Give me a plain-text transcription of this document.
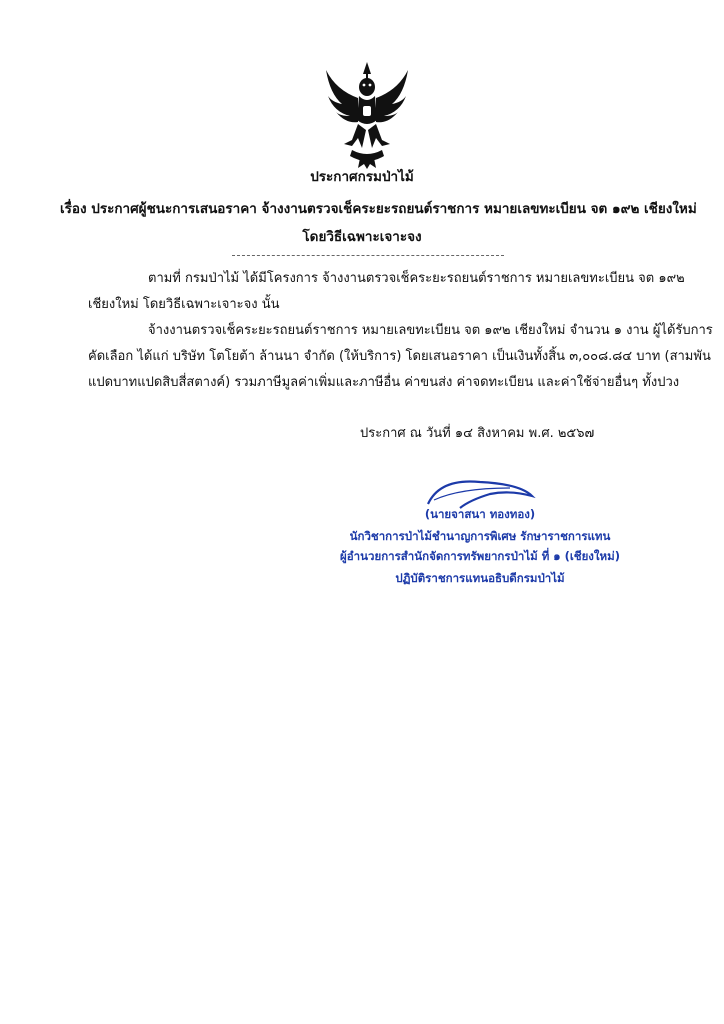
ประกาศกรมป่าไม้
เรื่อง ประกาศผู้ชนะการเสนอราคา จ้างงานตรวจเช็คระยะรถยนต์ราชการ หมายเลขทะเบียน จต ๑๙๒ เชียงใหม่
โดยวิธีเฉพาะเจาะจง
ตามที่ กรมป่าไม้ ได้มีโครงการ จ้างงานตรวจเช็คระยะรถยนต์ราชการ หมายเลขทะเบียน จต ๑๙๒
เชียงใหม่ โดยวิธีเฉพาะเจาะจง นั้น
จ้างงานตรวจเช็คระยะรถยนต์ราชการ หมายเลขทะเบียน จต ๑๙๒ เชียงใหม่ จำนวน ๑ งาน ผู้ได้รับการ
คัดเลือก ได้แก่ บริษัท โตโยต้า ล้านนา จำกัด (ให้บริการ) โดยเสนอราคา เป็นเงินทั้งสิ้น ๓,๐๐๘.๘๔ บาท (สามพัน
แปดบาทแปดสิบสี่สตางค์) รวมภาษีมูลค่าเพิ่มและภาษีอื่น ค่าขนส่ง ค่าจดทะเบียน และค่าใช้จ่ายอื่นๆ ทั้งปวง
ประกาศ ณ วันที่ ๑๔ สิงหาคม พ.ศ. ๒๕๖๗
(นายจาสนา ทองทอง)
นักวิชาการป่าไม้ชำนาญการพิเศษ รักษาราชการแทน
ผู้อำนวยการสำนักจัดการทรัพยากรป่าไม้ ที่ ๑ (เชียงใหม่)
ปฏิบัติราชการแทนอธิบดีกรมป่าไม้
